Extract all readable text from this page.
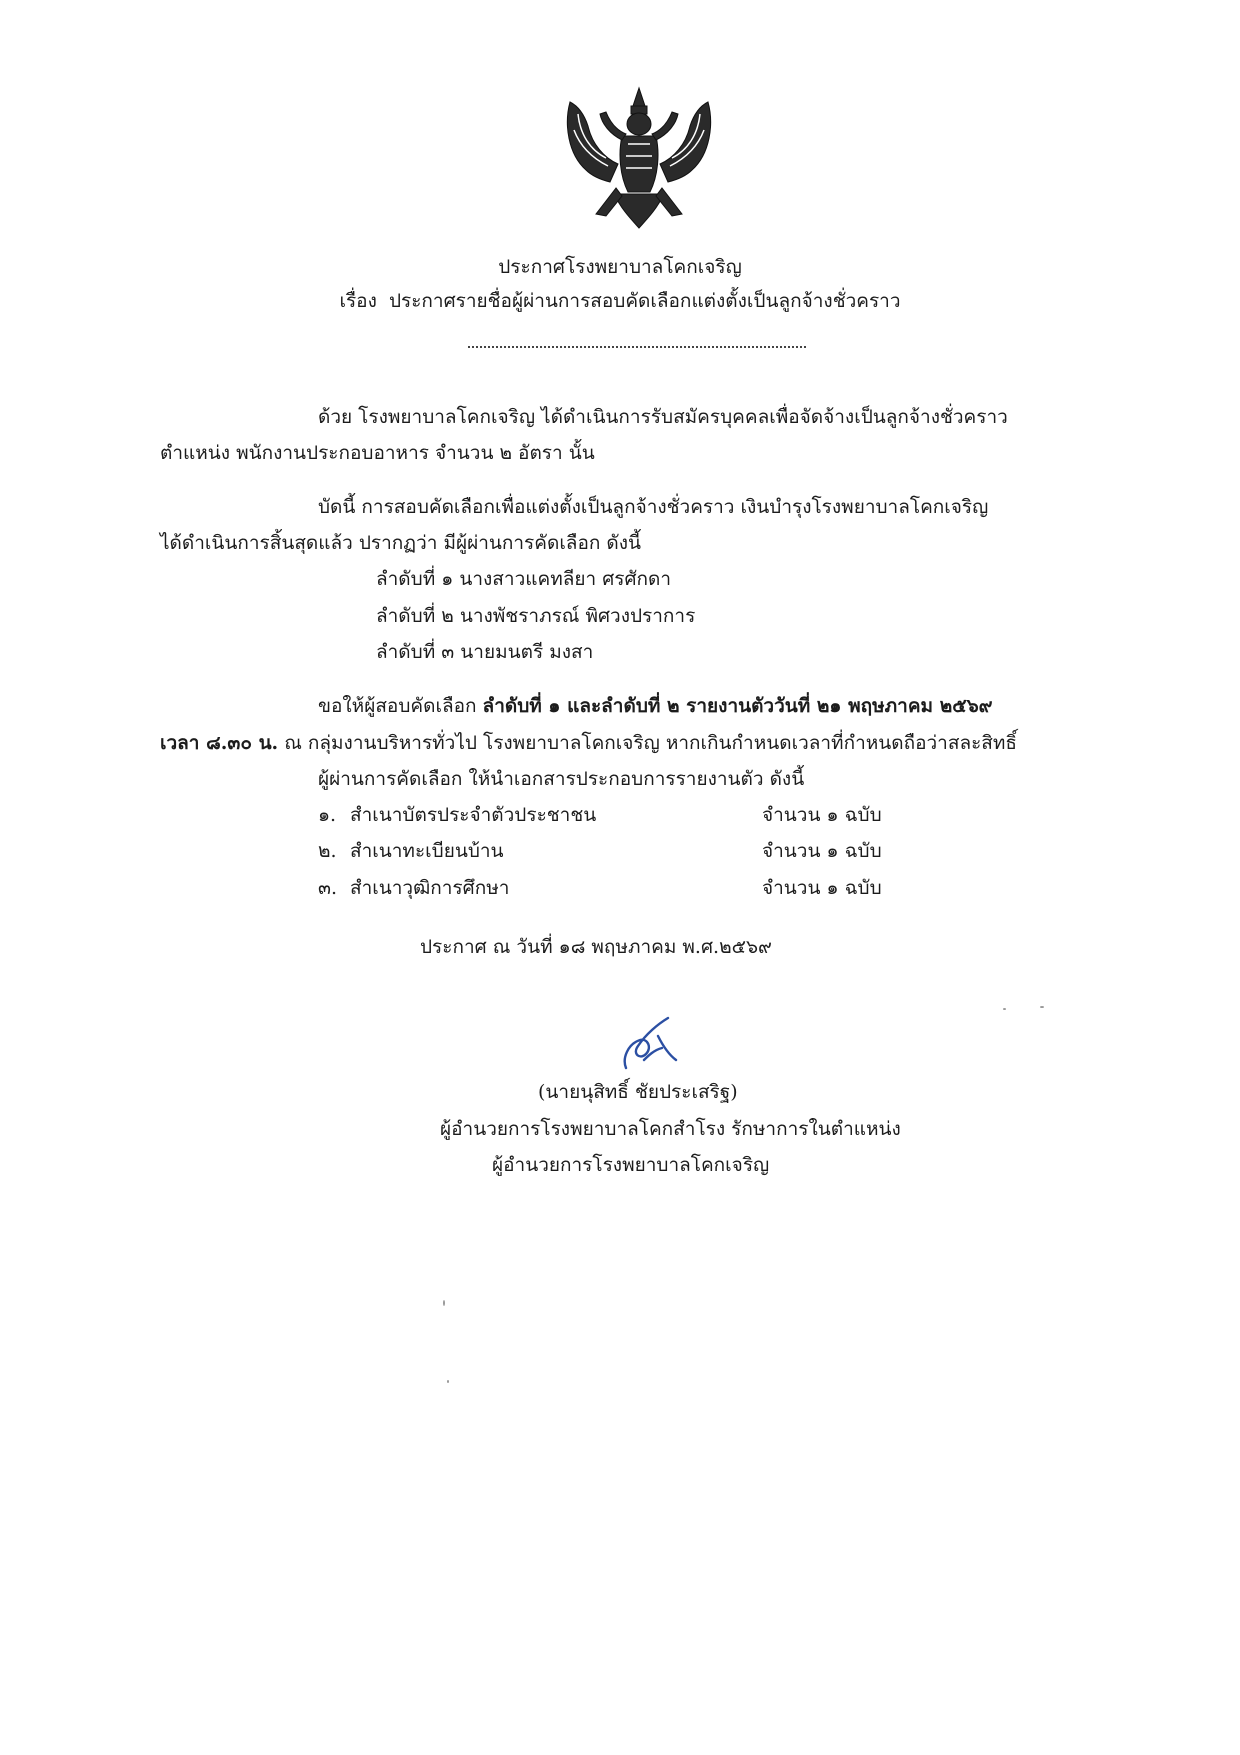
ประกาศโรงพยาบาลโคกเจริญ
เรื่อง ประกาศรายชื่อผู้ผ่านการสอบคัดเลือกแต่งตั้งเป็นลูกจ้างชั่วคราว
ด้วย โรงพยาบาลโคกเจริญ ได้ดำเนินการรับสมัครบุคคลเพื่อจัดจ้างเป็นลูกจ้างชั่วคราว
ตำแหน่ง พนักงานประกอบอาหาร จำนวน ๒ อัตรา นั้น
บัดนี้ การสอบคัดเลือกเพื่อแต่งตั้งเป็นลูกจ้างชั่วคราว เงินบำรุงโรงพยาบาลโคกเจริญ
ได้ดำเนินการสิ้นสุดแล้ว ปรากฏว่า มีผู้ผ่านการคัดเลือก ดังนี้
ลำดับที่ ๑ นางสาวแคทลียา ศรศักดา
ลำดับที่ ๒ นางพัชราภรณ์ พิศวงปราการ
ลำดับที่ ๓ นายมนตรี มงสา
ขอให้ผู้สอบคัดเลือก ลำดับที่ ๑ และลำดับที่ ๒ รายงานตัววันที่ ๒๑ พฤษภาคม ๒๕๖๙
เวลา ๘.๓๐ น. ณ กลุ่มงานบริหารทั่วไป โรงพยาบาลโคกเจริญ หากเกินกำหนดเวลาที่กำหนดถือว่าสละสิทธิ์
ผู้ผ่านการคัดเลือก ให้นำเอกสารประกอบการรายงานตัว ดังนี้
๑. สำเนาบัตรประจำตัวประชาชน	จำนวน ๑ ฉบับ
๒. สำเนาทะเบียนบ้าน	จำนวน ๑ ฉบับ
๓. สำเนาวุฒิการศึกษา	จำนวน ๑ ฉบับ
ประกาศ ณ วันที่ ๑๘ พฤษภาคม พ.ศ.๒๕๖๙
(นายนุสิทธิ์ ชัยประเสริฐ)
ผู้อำนวยการโรงพยาบาลโคกสำโรง รักษาการในตำแหน่ง
ผู้อำนวยการโรงพยาบาลโคกเจริญ
